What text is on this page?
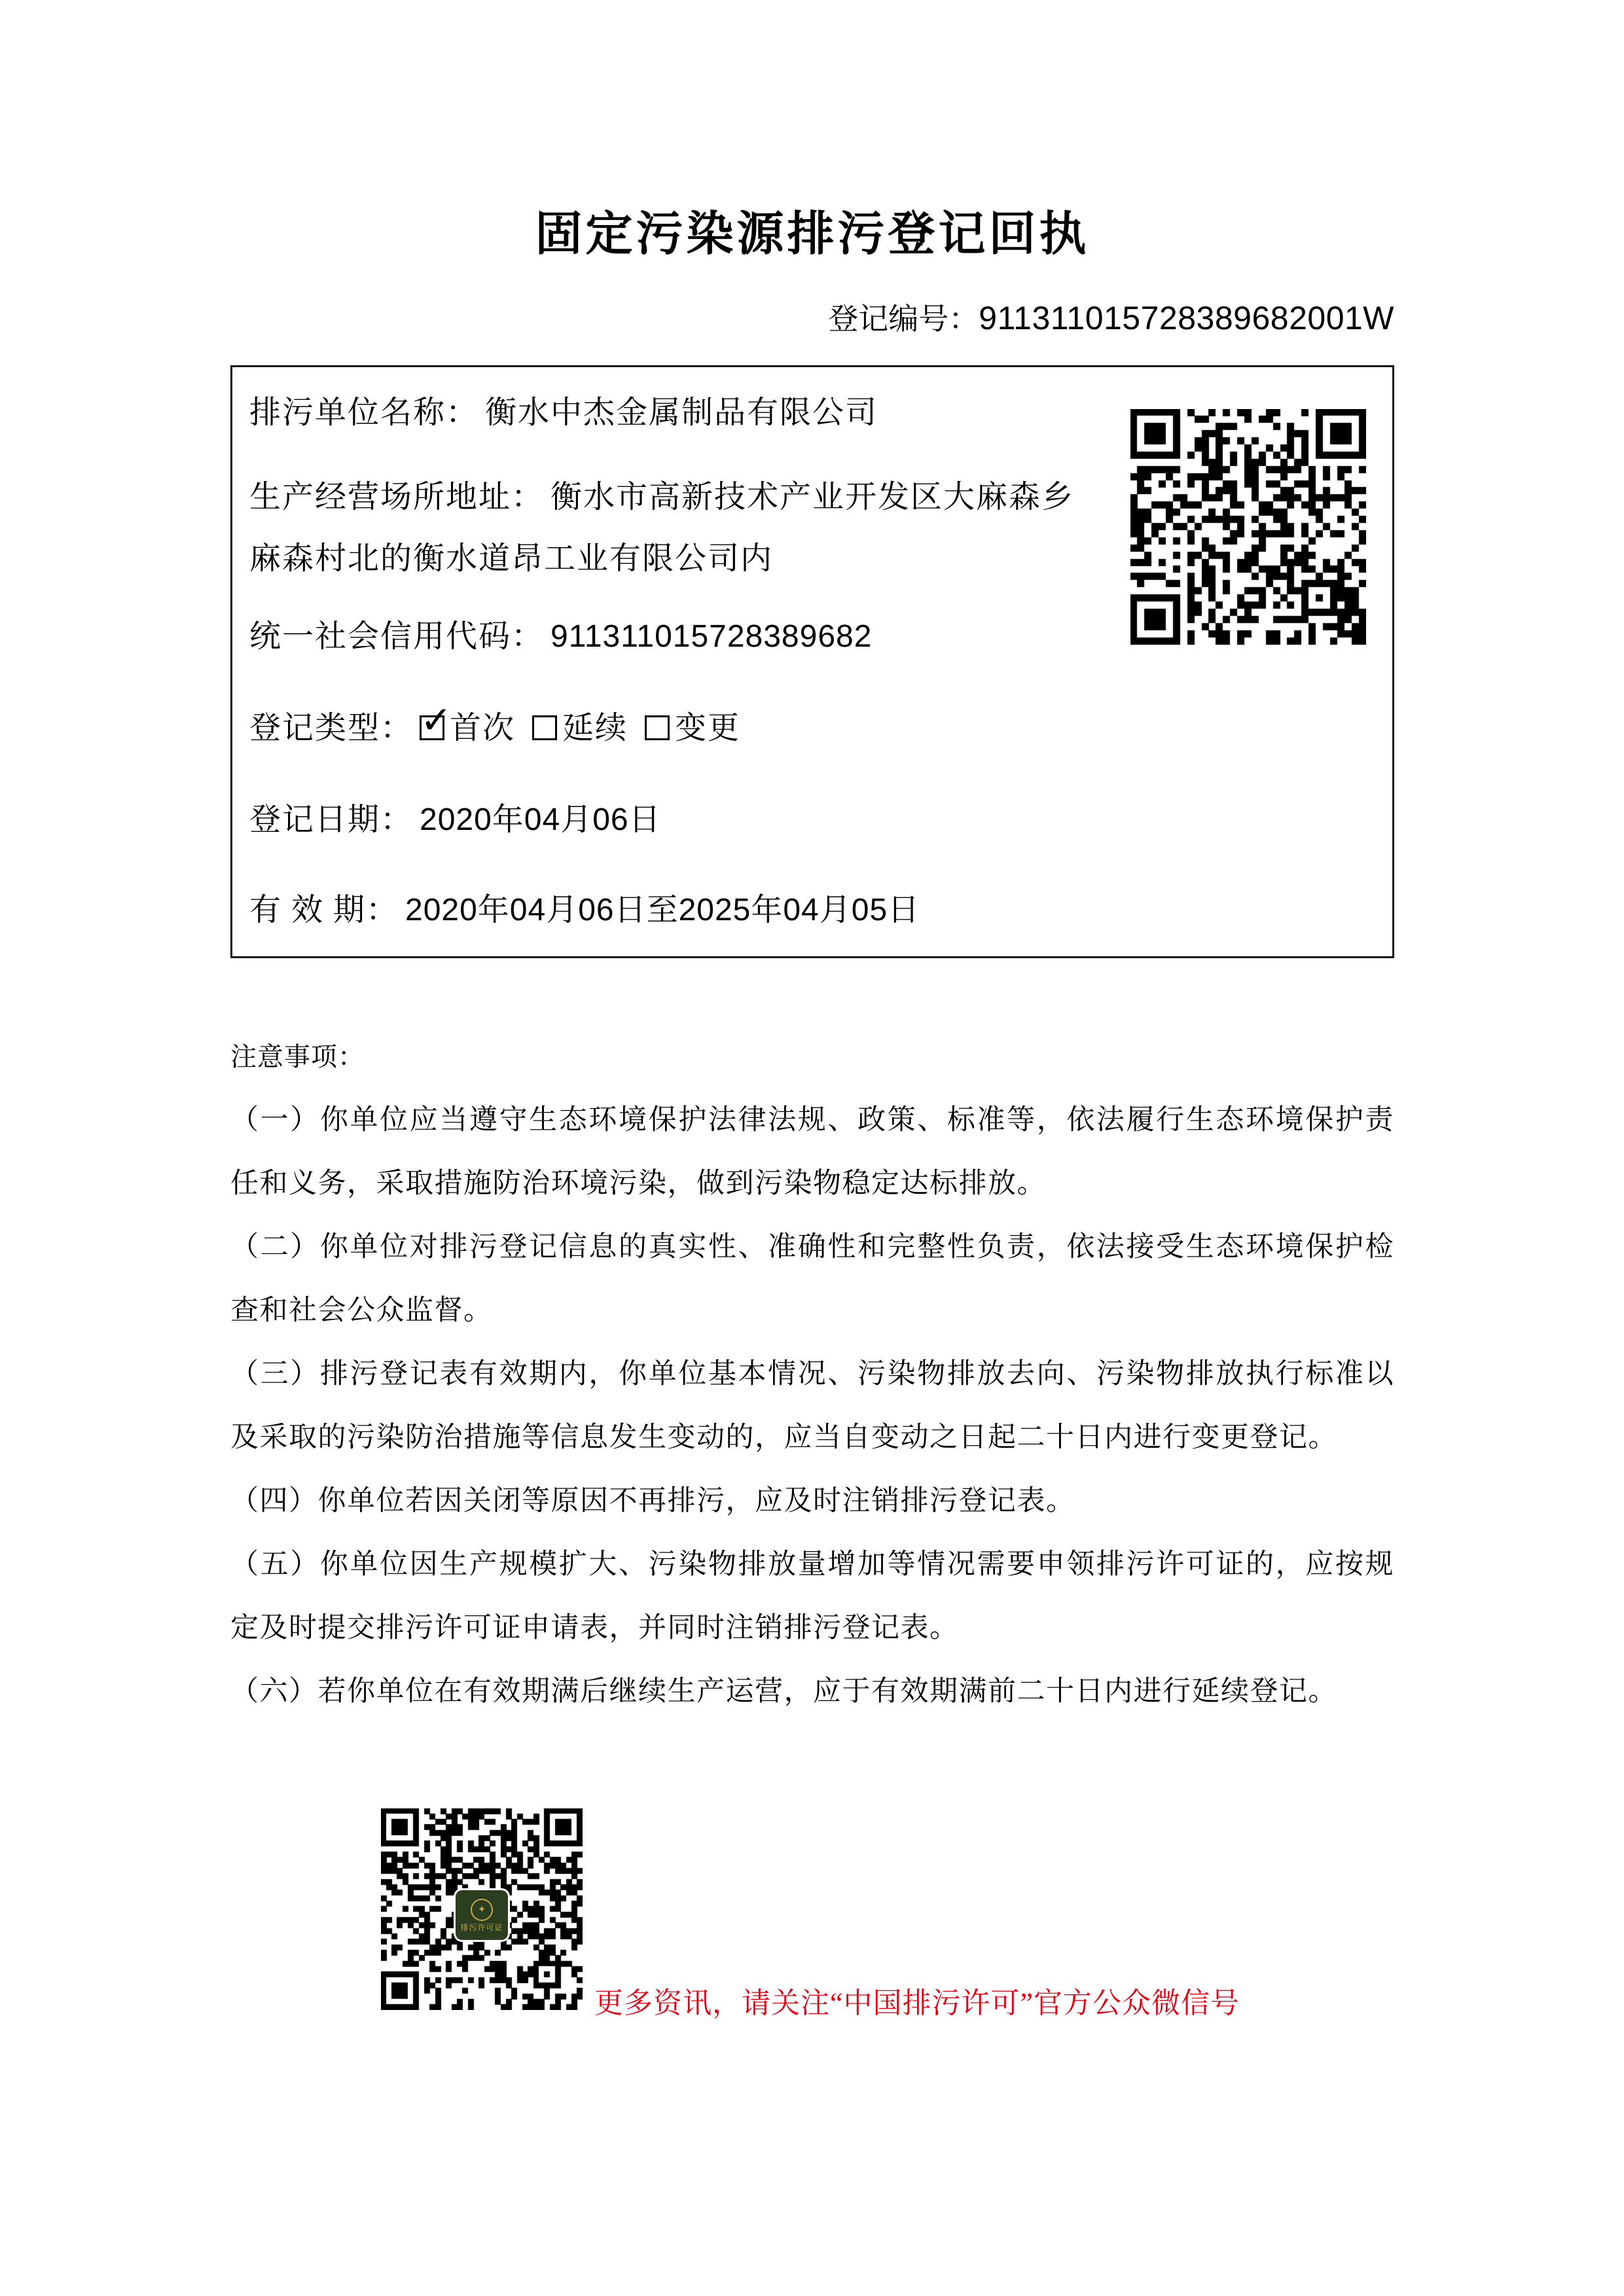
固定污染源排污登记回执
登记编号：911311015728389682001W
排污单位名称： 衡水中杰金属制品有限公司
生产经营场所地址： 衡水市高新技术产业开发区大麻森乡麻森村北的衡水道昂工业有限公司内
统一社会信用代码： 911311015728389682
登记类型： ✓ 首次 延续 变更
登记日期： 2020年04月06日
有 效 期： 2020年04月06日至2025年04月05日
注意事项：

（一）你单位应当遵守生态环境保护法律法规、政策、标准等，依法履行生态环境保护责任和义务，采取措施防治环境污染，做到污染物稳定达标排放。

（二）你单位对排污登记信息的真实性、准确性和完整性负责，依法接受生态环境保护检查和社会公众监督。

（三）排污登记表有效期内，你单位基本情况、污染物排放去向、污染物排放执行标准以及采取的污染防治措施等信息发生变动的，应当自变动之日起二十日内进行变更登记。

（四）你单位若因关闭等原因不再排污，应及时注销排污登记表。

（五）你单位因生产规模扩大、污染物排放量增加等情况需要申领排污许可证的，应按规定及时提交排污许可证申请表，并同时注销排污登记表。

（六）若你单位在有效期满后继续生产运营，应于有效期满前二十日内进行延续登记。

✦
排污许可证
更多资讯，请关注“中国排污许可”官方公众微信号
